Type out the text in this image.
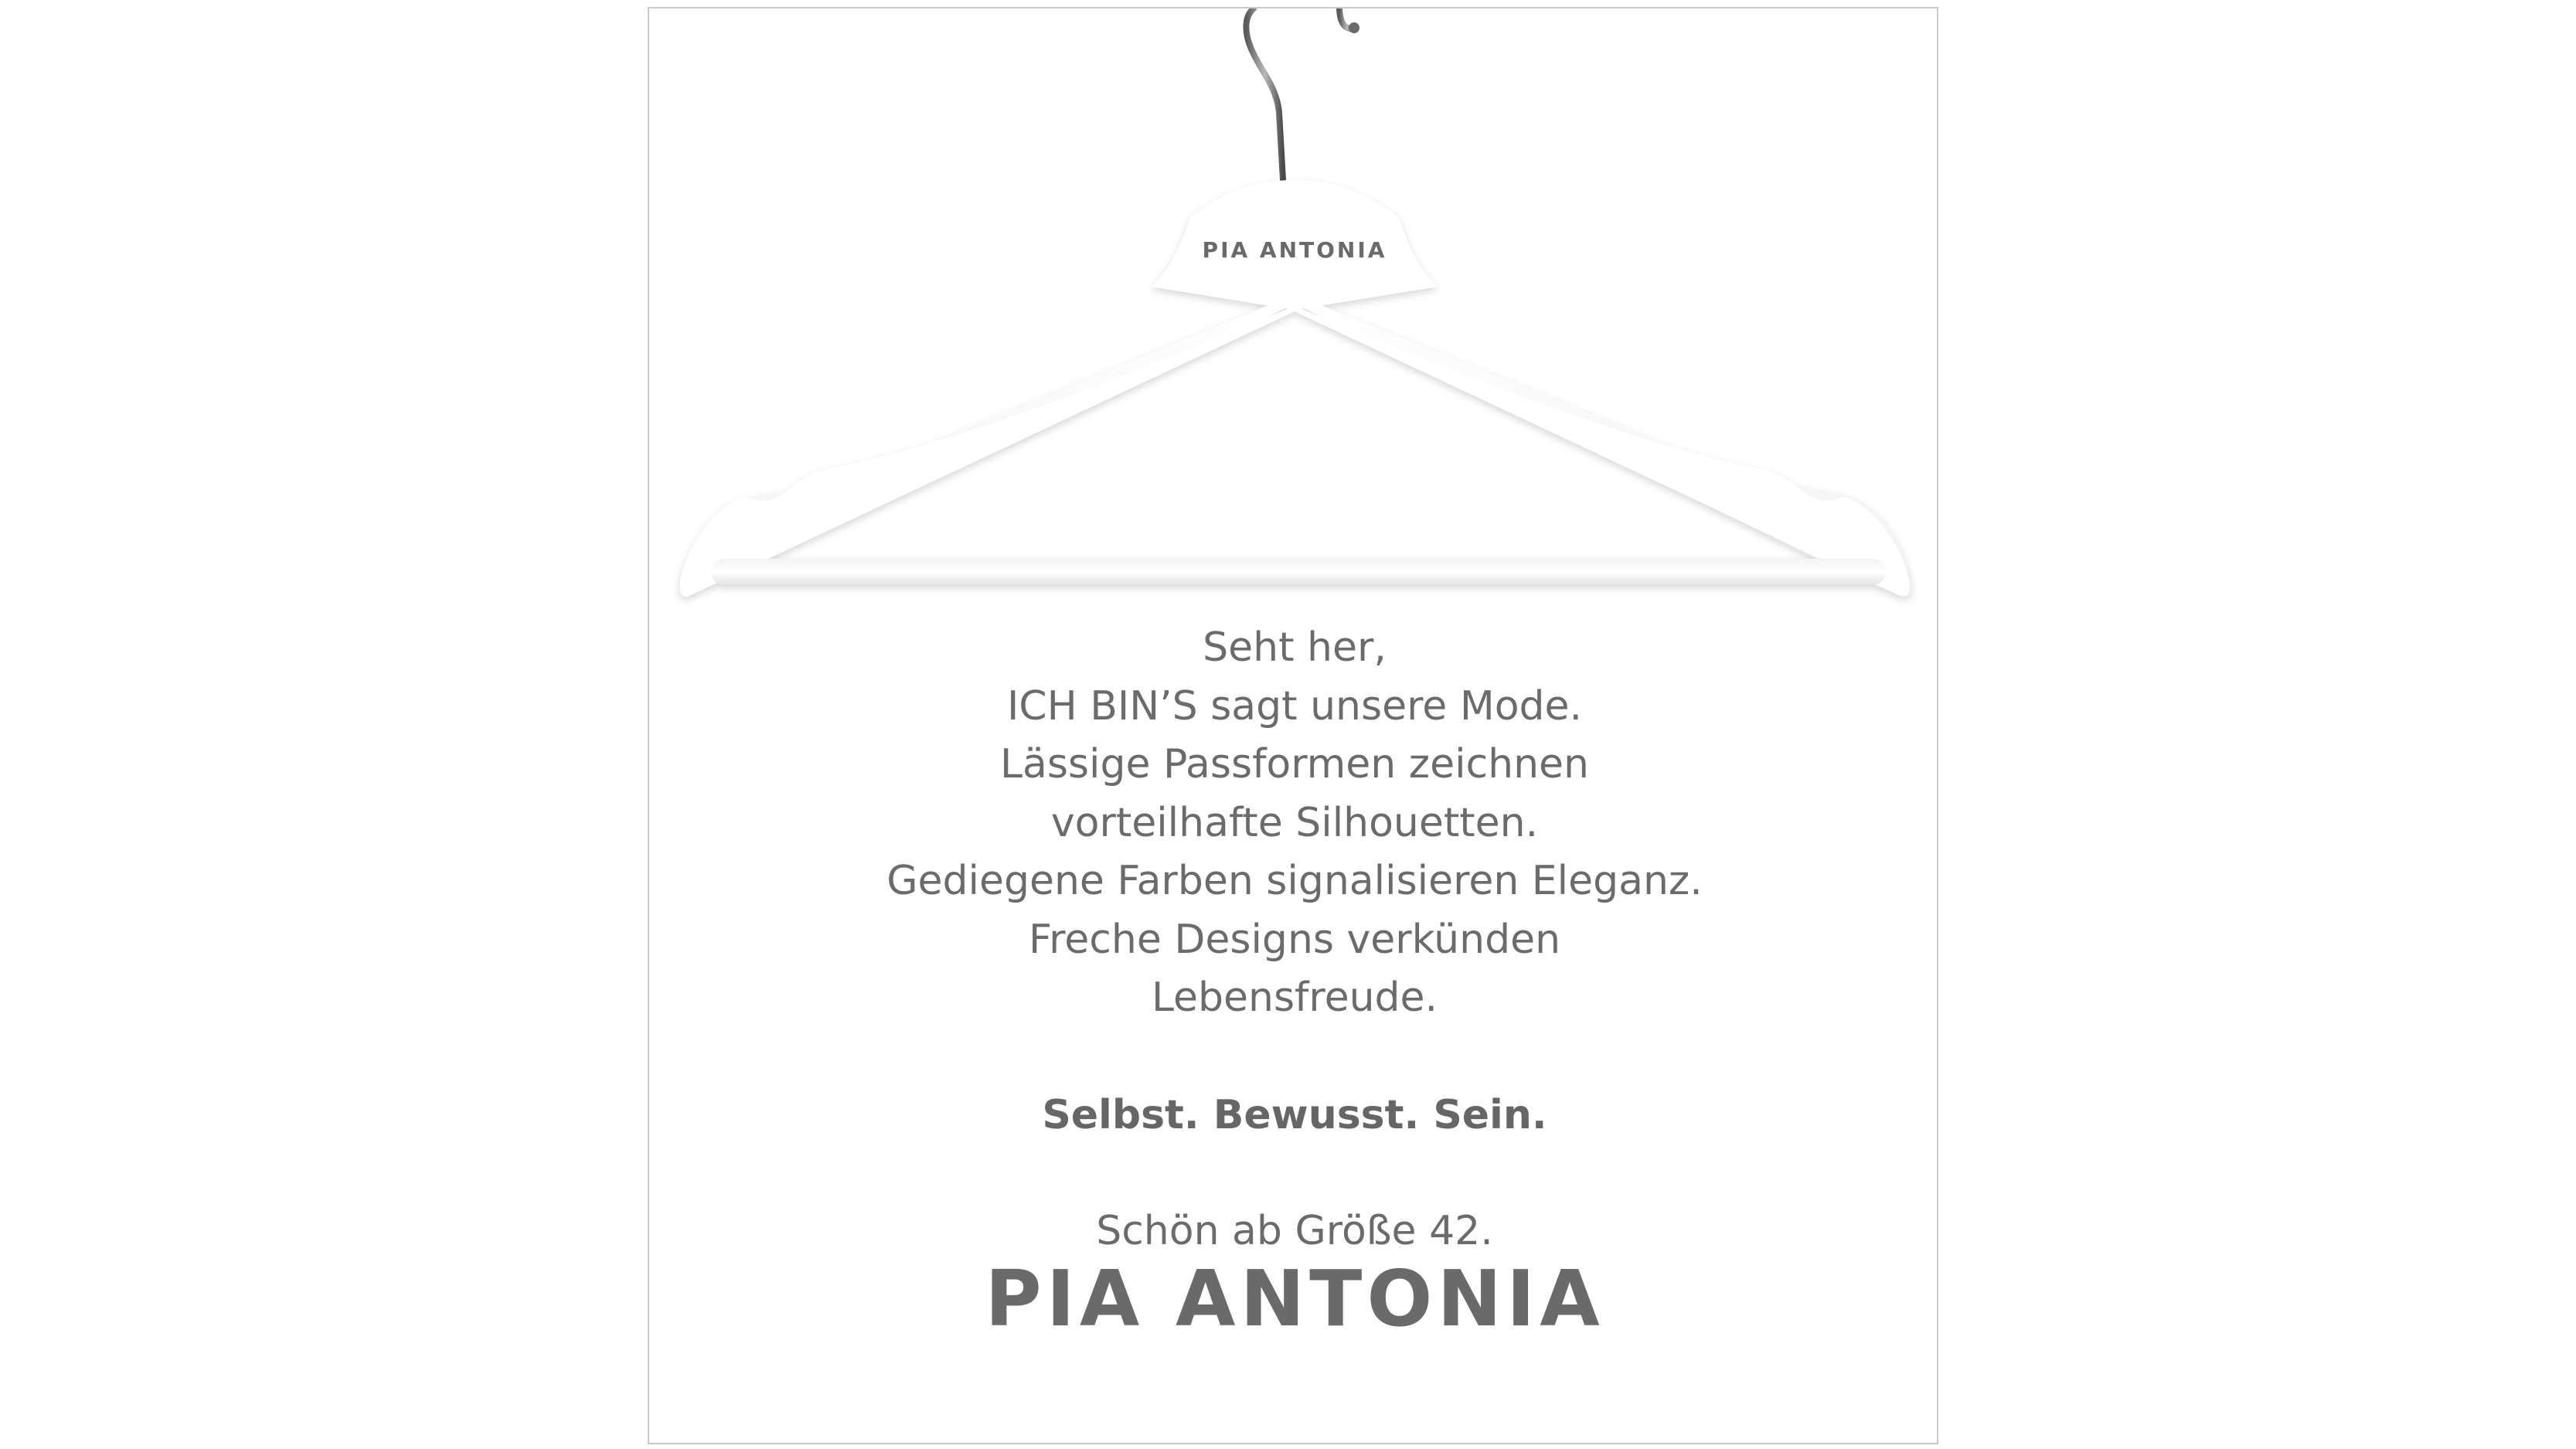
PIA ANTONIA
Seht her,
ICH BIN’S sagt unsere Mode.
Lässige Passformen zeichnen
vorteilhafte Silhouetten.
Gediegene Farben signalisieren Eleganz.
Freche Designs verkünden
Lebensfreude.
Selbst. Bewusst. Sein.
Schön ab Größe 42.
PIA ANTONIA
